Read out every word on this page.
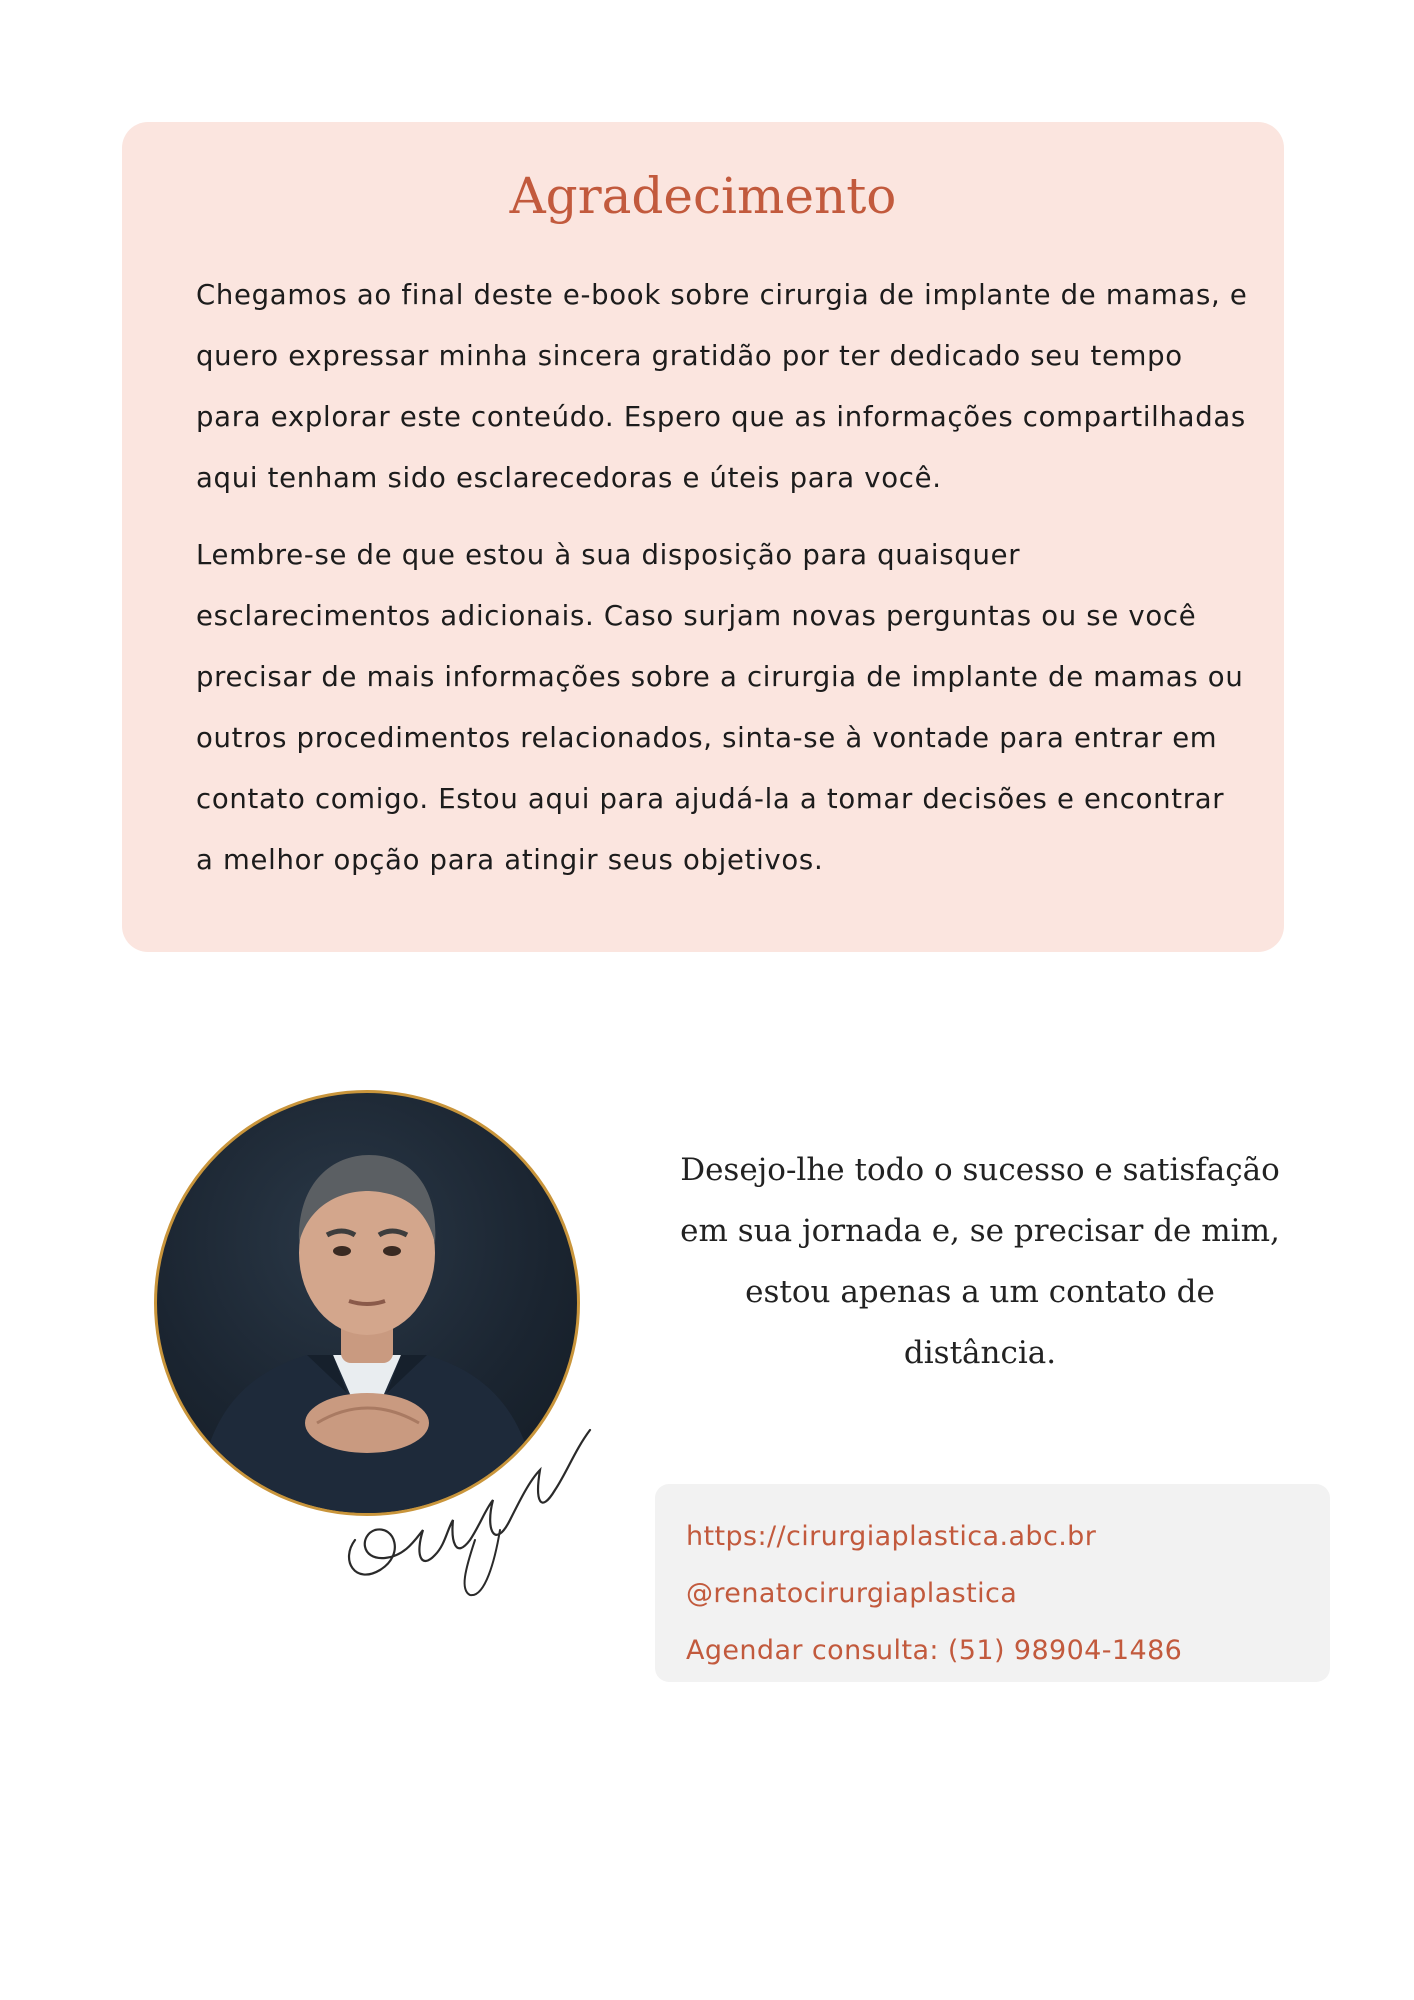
Agradecimento

Chegamos ao final deste e-book sobre cirurgia de implante de mamas, e quero expressar minha sincera gratidão por ter dedicado seu tempo para explorar este conteúdo. Espero que as informações compartilhadas aqui tenham sido esclarecedoras e úteis para você.

Lembre-se de que estou à sua disposição para quaisquer esclarecimentos adicionais. Caso surjam novas perguntas ou se você precisar de mais informações sobre a cirurgia de implante de mamas ou outros procedimentos relacionados, sinta-se à vontade para entrar em contato comigo. Estou aqui para ajudá-la a tomar decisões e encontrar a melhor opção para atingir seus objetivos.

Desejo-lhe todo o sucesso e satisfação em sua jornada e, se precisar de mim, estou apenas a um contato de distância.

https://cirurgiaplastica.abc.br

@renatocirurgiaplastica

Agendar consulta: (51) 98904-1486
